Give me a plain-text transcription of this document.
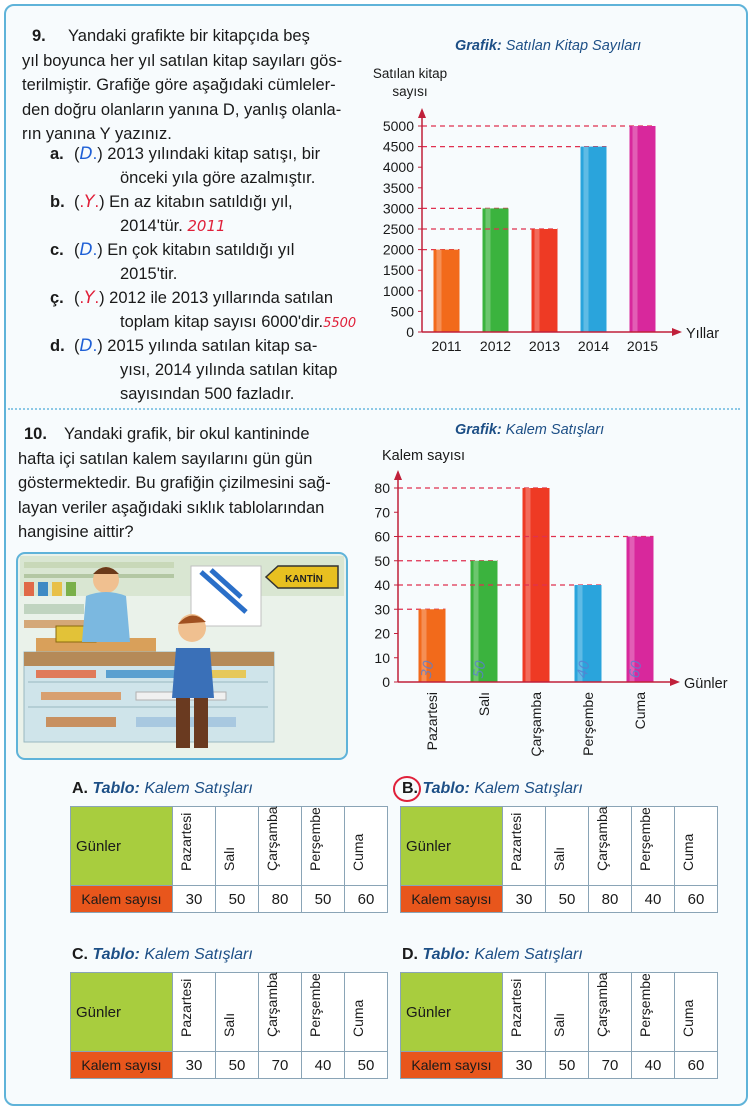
9. Yandaki grafikte bir kitapçıda beş
yıl boyunca her yıl satılan kitap sayıları gös-
terilmiştir. Grafiğe göre aşağıdaki cümleler-
den doğru olanların yanına D, yanlış olanla-
rın yanına Y yazınız.
a. (D.) 2013 yılındaki kitap satışı, bir
önceki yıla göre azalmıştır.
b. (.Y.) En az kitabın satıldığı yıl,
2014'tür. 2011
c. (D.) En çok kitabın satıldığı yıl
2015'tir.
ç. (.Y.) 2012 ile 2013 yıllarında satılan
toplam kitap sayısı 6000'dir.5500
d. (D.) 2015 yılında satılan kitap sa-
yısı, 2014 yılında satılan kitap
sayısından 500 fazladır.
Grafik: Satılan Kitap Sayıları
Satılan kitap
sayısı
0
500
1000
1500
2000
2500
3000
3500
4000
4500
5000
2011 2012 2013 2014 2015
Yıllar
10. Yandaki grafik, bir okul kantininde
hafta içi satılan kalem sayılarını gün gün
göstermektedir. Bu grafiğin çizilmesini sağ-
layan veriler aşağıdaki sıklık tablolarından
hangisine aittir?
KANTİN
Grafik: Kalem Satışları
Kalem sayısı
0
10
20
30
40
50
60
70
80
30
Pazartesi
50
Salı	Çarşamba
40
Perşembe
60
Cuma
Günler
A. Tablo: Kalem Satışları
Günler	Pazartesi	Salı	Çarşamba	Perşembe	Cuma

Kalem sayısı	30	50	80	50	60
B. Tablo: Kalem Satışları
Günler	Pazartesi	Salı	Çarşamba	Perşembe	Cuma

Kalem sayısı	30	50	80	40	60
C. Tablo: Kalem Satışları
Günler	Pazartesi	Salı	Çarşamba	Perşembe	Cuma

Kalem sayısı	30	50	70	40	50
D. Tablo: Kalem Satışları
Günler	Pazartesi	Salı	Çarşamba	Perşembe	Cuma

Kalem sayısı	30	50	70	40	60
